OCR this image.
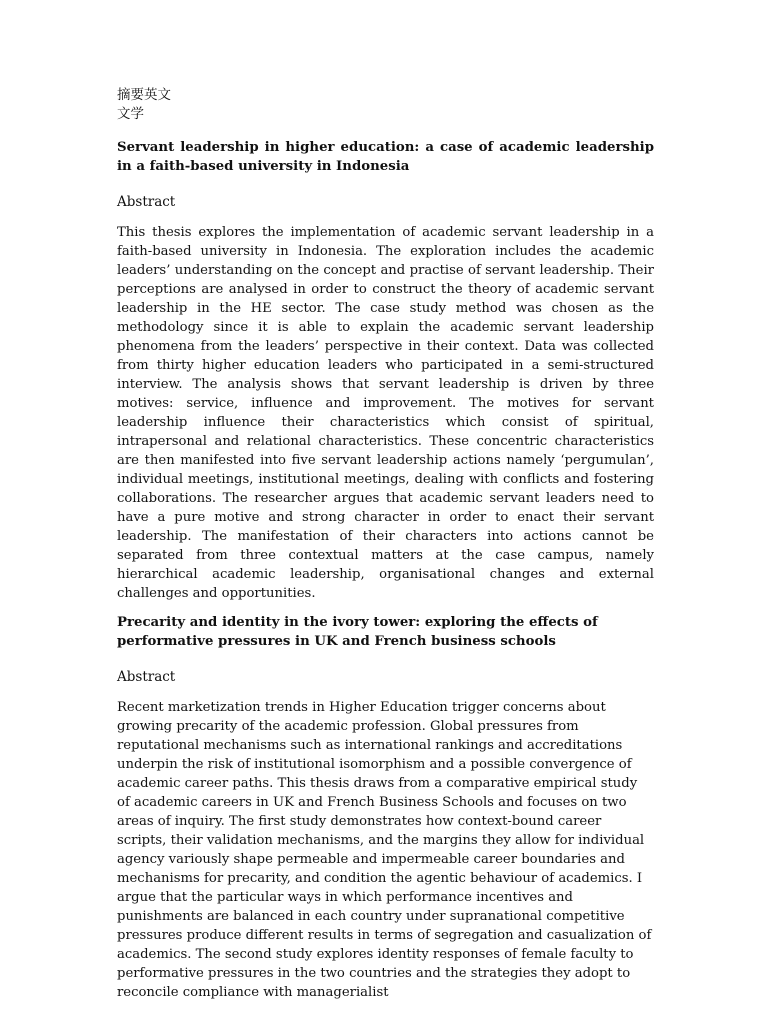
摘要英文

文学

Servant leadership in higher education: a case of academic leadership in a faith-based university in Indonesia

Abstract

This thesis explores the implementation of academic servant leadership in a faith-based university in Indonesia. The exploration includes the academic leaders’ understanding on the concept and practise of servant leadership. Their perceptions are analysed in order to construct the theory of academic servant leadership in the HE sector. The case study method was chosen as the methodology since it is able to explain the academic servant leadership phenomena from the leaders’ perspective in their context. Data was collected from thirty higher education leaders who participated in a semi-structured interview. The analysis shows that servant leadership is driven by three motives: service, influence and improvement. The motives for servant leadership influence their characteristics which consist of spiritual, intrapersonal and relational characteristics. These concentric characteristics are then manifested into five servant leadership actions namely ‘pergumulan’, individual meetings, institutional meetings, dealing with conflicts and fostering collaborations. The researcher argues that academic servant leaders need to have a pure motive and strong character in order to enact their servant leadership. The manifestation of their characters into actions cannot be separated from three contextual matters at the case campus, namely hierarchical academic leadership, organisational changes and external challenges and opportunities.

Precarity and identity in the ivory tower: exploring the effects of performative pressures in UK and French business schools

Abstract

Recent marketization trends in Higher Education trigger concerns about growing precarity of the academic profession. Global pressures from reputational mechanisms such as international rankings and accreditations underpin the risk of institutional isomorphism and a possible convergence of academic career paths. This thesis draws from a comparative empirical study of academic careers in UK and French Business Schools and focuses on two areas of inquiry. The first study demonstrates how context-bound career scripts, their validation mechanisms, and the margins they allow for individual agency variously shape permeable and impermeable career boundaries and mechanisms for precarity, and condition the agentic behaviour of academics. I argue that the particular ways in which performance incentives and punishments are balanced in each country under supranational competitive pressures produce different results in terms of segregation and casualization of academics. The second study explores identity responses of female faculty to performative pressures in the two countries and the strategies they adopt to reconcile compliance with managerialist
